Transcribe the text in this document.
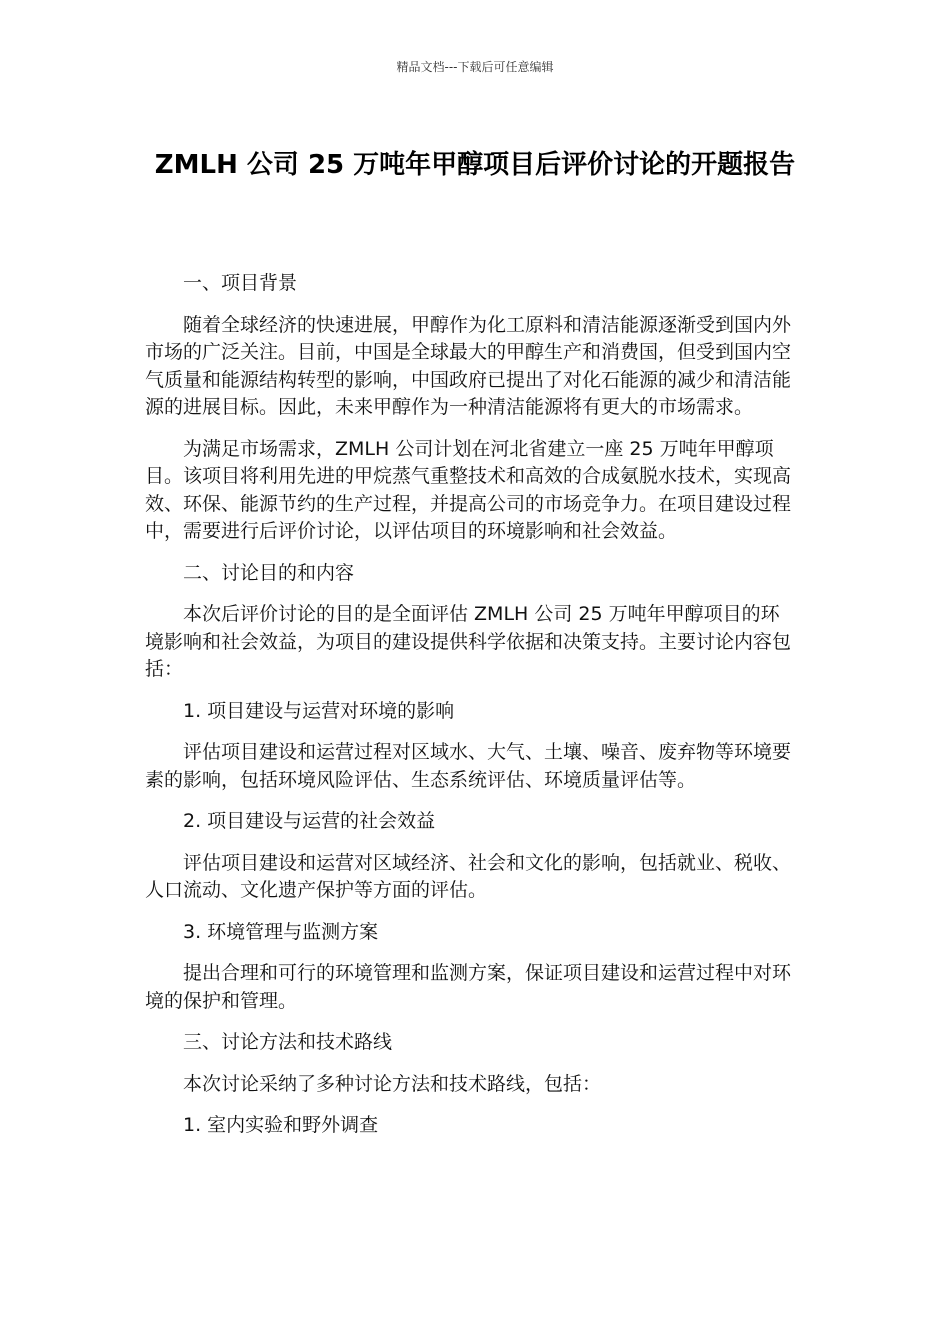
精品文档---下载后可任意编辑
ZMLH 公司 25 万吨年甲醇项目后评价讨论的开题报告

一、项目背景

随着全球经济的快速进展，甲醇作为化工原料和清洁能源逐渐受到国内外市场的广泛关注。目前，中国是全球最大的甲醇生产和消费国，但受到国内空气质量和能源结构转型的影响，中国政府已提出了对化石能源的减少和清洁能源的进展目标。因此，未来甲醇作为一种清洁能源将有更大的市场需求。

为满足市场需求，ZMLH 公司计划在河北省建立一座 25 万吨年甲醇项目。该项目将利用先进的甲烷蒸气重整技术和高效的合成氨脱水技术，实现高效、环保、能源节约的生产过程，并提高公司的市场竞争力。在项目建设过程中，需要进行后评价讨论，以评估项目的环境影响和社会效益。

二、讨论目的和内容

本次后评价讨论的目的是全面评估 ZMLH 公司 25 万吨年甲醇项目的环境影响和社会效益，为项目的建设提供科学依据和决策支持。主要讨论内容包括：

1. 项目建设与运营对环境的影响

评估项目建设和运营过程对区域水、大气、土壤、噪音、废弃物等环境要素的影响，包括环境风险评估、生态系统评估、环境质量评估等。

2. 项目建设与运营的社会效益

评估项目建设和运营对区域经济、社会和文化的影响，包括就业、税收、人口流动、文化遗产保护等方面的评估。

3. 环境管理与监测方案

提出合理和可行的环境管理和监测方案，保证项目建设和运营过程中对环境的保护和管理。

三、讨论方法和技术路线

本次讨论采纳了多种讨论方法和技术路线，包括：

1. 室内实验和野外调查
